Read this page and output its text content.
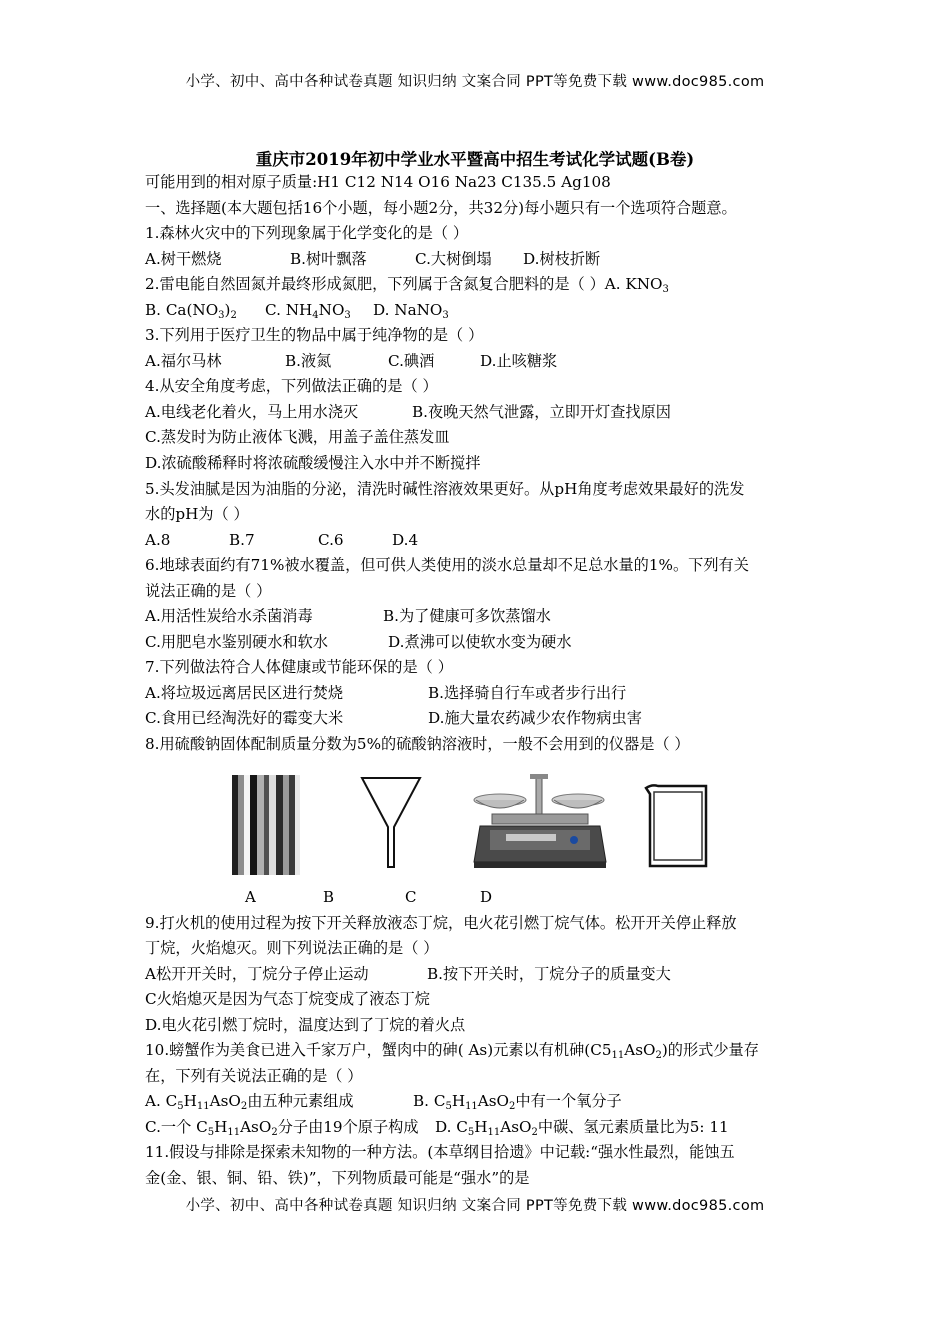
小学、初中、高中各种试卷真题 知识归纳 文案合同 PPT等免费下载 www.doc985.com
重庆市2019年初中学业水平暨高中招生考试化学试题(B卷)
可能用到的相对原子质量:H1 C12 N14 O16 Na23 C135.5 Ag108
一、选择题(本大题包括16个小题，每小题2分，共32分)每小题只有一个选项符合题意。
1.森林火灾中的下列现象属于化学变化的是（ ）
A.树干燃烧	B.树叶飘落	C.大树倒塌 D.树枝折断
2.雷电能自然固氮并最终形成氮肥，下列属于含氮复合肥料的是（ ）A. $KNO_3$
B. $Ca(NO_3)_2$ C. $NH_4NO_3$ D. NaNO$_3$
3.下列用于医疗卫生的物品中属于纯净物的是（ ）
A.福尔马林	B.液氮	C.碘酒	D.止咳糖浆
4.从安全角度考虑，下列做法正确的是（ ）
A.电线老化着火，马上用水浇灭	B.夜晚天然气泄露，立即开灯查找原因
C.蒸发时为防止液体飞溅，用盖子盖住蒸发皿
D.浓硫酸稀释时将浓硫酸缓慢注入水中并不断搅拌
5.头发油腻是因为油脂的分泌，清洗时碱性溶液效果更好。从pH角度考虑效果最好的洗发
水的pH为（ ）
A.8	B.7	C.6	D.4
6.地球表面约有71%被水覆盖，但可供人类使用的淡水总量却不足总水量的1%。下列有关
说法正确的是（ ）
A.用活性炭给水杀菌消毒	B.为了健康可多饮蒸馏水
C.用肥皂水鉴别硬水和软水	D.煮沸可以使软水变为硬水
7.下列做法符合人体健康或节能环保的是（ ）
A.将垃圾远离居民区进行焚烧	B.选择骑自行车或者步行出行
C.食用已经淘洗好的霉变大米	D.施大量农药减少农作物病虫害
8.用硫酸钠固体配制质量分数为5%的硫酸钠溶液时，一般不会用到的仪器是（ ）
A	B	C	D
9.打火机的使用过程为按下开关释放液态丁烷，电火花引燃丁烷气体。松开开关停止释放
丁烷，火焰熄灭。则下列说法正确的是（ ）
A松开开关时，丁烷分子停止运动	B.按下开关时，丁烷分子的质量变大
C火焰熄灭是因为气态丁烷变成了液态丁烷
D.电火花引燃丁烷时，温度达到了丁烷的着火点
10.螃蟹作为美食已进入千家万户，蟹肉中的砷( As)元素以有机砷$(C5_{11}AsO_2)$的形式少量存
在，下列有关说法正确的是（ ）
A. $C_5H_{11}AsO_2$由五种元素组成	B. $C_5H_{11}AsO_2$中有一个氧分子
C.一个 $C_5H_{11}AsO_2$分子由19个原子构成 D. $C_5H_{11}AsO_2$中碳、氢元素质量比为5: 11
11.假设与排除是探索未知物的一种方法。(本草纲目拾遗》中记载:“强水性最烈，能蚀五
金(金、银、铜、铅、铁)”，下列物质最可能是“强水”的是
小学、初中、高中各种试卷真题 知识归纳 文案合同 PPT等免费下载 www.doc985.com
